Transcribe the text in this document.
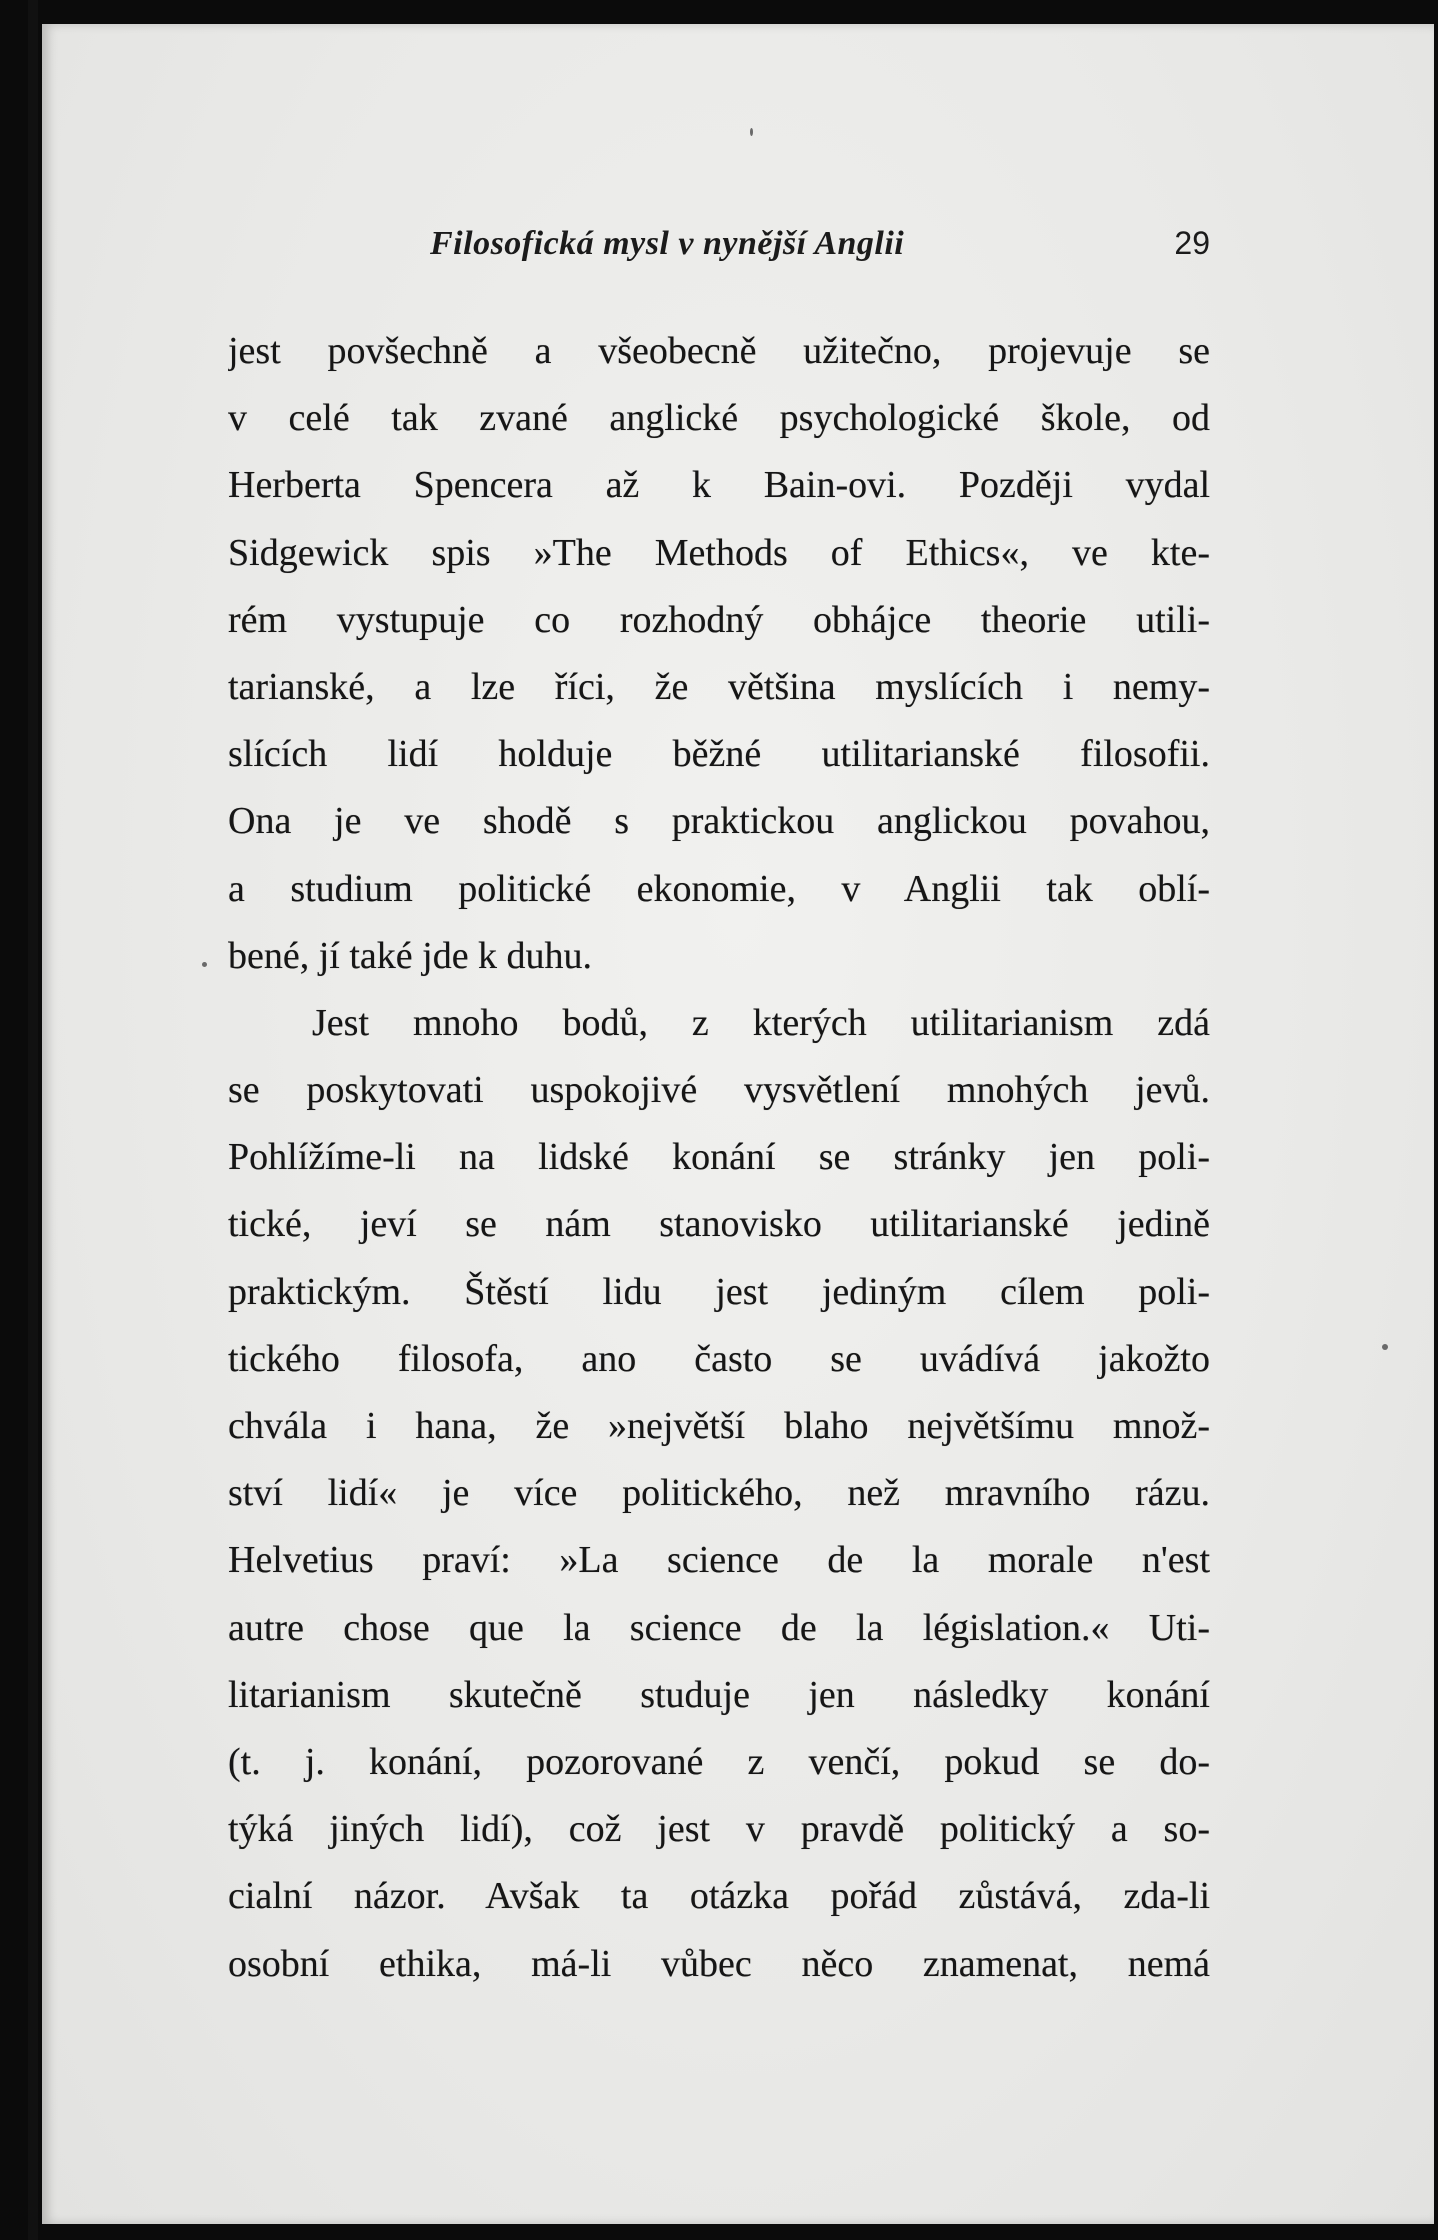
Filosofická mysl v nynější Anglii	29
jest povšechně a všeobecně užitečno, projevuje se
v celé tak zvané anglické psychologické škole, od
Herberta Spencera až k Bain-ovi. Později vydal
Sidgewick spis »The Methods of Ethics«, ve kte-
rém vystupuje co rozhodný obhájce theorie utili-
tarianské, a lze říci, že většina myslících i nemy-
slících lidí holduje běžné utilitarianské filosofii.
Ona je ve shodě s praktickou anglickou povahou,
a studium politické ekonomie, v Anglii tak oblí-
bené, jí také jde k duhu.
Jest mnoho bodů, z kterých utilitarianism zdá
se poskytovati uspokojivé vysvětlení mnohých jevů.
Pohlížíme-li na lidské konání se stránky jen poli-
tické, jeví se nám stanovisko utilitarianské jedině
praktickým. Štěstí lidu jest jediným cílem poli-
tického filosofa, ano často se uvádívá jakožto
chvála i hana, že »největší blaho největšímu množ-
ství lidí« je více politického, než mravního rázu.
Helvetius praví: »La science de la morale n'est
autre chose que la science de la législation.« Uti-
litarianism skutečně studuje jen následky konání
(t. j. konání, pozorované z venčí, pokud se do-
týká jiných lidí), což jest v pravdě politický a so-
cialní názor. Avšak ta otázka pořád zůstává, zda-li
osobní ethika, má-li vůbec něco znamenat, nemá
